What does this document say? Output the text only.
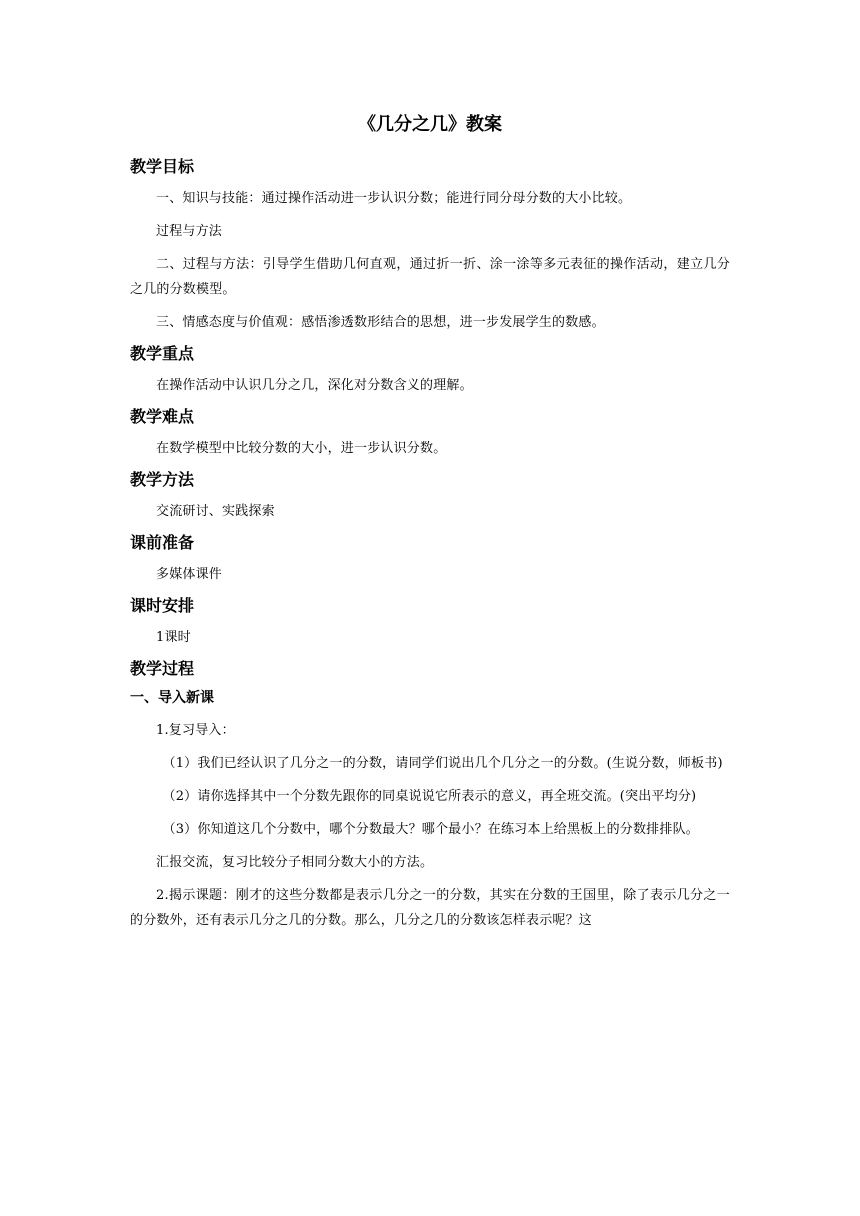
《几分之几》教案
教学目标

一、知识与技能：通过操作活动进一步认识分数；能进行同分母分数的大小比较。

过程与方法

二、过程与方法：引导学生借助几何直观，通过折一折、涂一涂等多元表征的操作活动，建立几分之几的分数模型。

三、情感态度与价值观：感悟渗透数形结合的思想，进一步发展学生的数感。

教学重点

在操作活动中认识几分之几，深化对分数含义的理解。

教学难点

在数学模型中比较分数的大小，进一步认识分数。

教学方法

交流研讨、实践探索

课前准备

多媒体课件

课时安排

1课时

教学过程
一、导入新课

1.复习导入：

（1）我们已经认识了几分之一的分数，请同学们说出几个几分之一的分数。(生说分数，师板书)

（2）请你选择其中一个分数先跟你的同桌说说它所表示的意义，再全班交流。(突出平均分)

（3）你知道这几个分数中，哪个分数最大？哪个最小？在练习本上给黑板上的分数排排队。

汇报交流，复习比较分子相同分数大小的方法。

2.揭示课题：刚才的这些分数都是表示几分之一的分数，其实在分数的王国里，除了表示几分之一的分数外，还有表示几分之几的分数。那么，几分之几的分数该怎样表示呢？这
